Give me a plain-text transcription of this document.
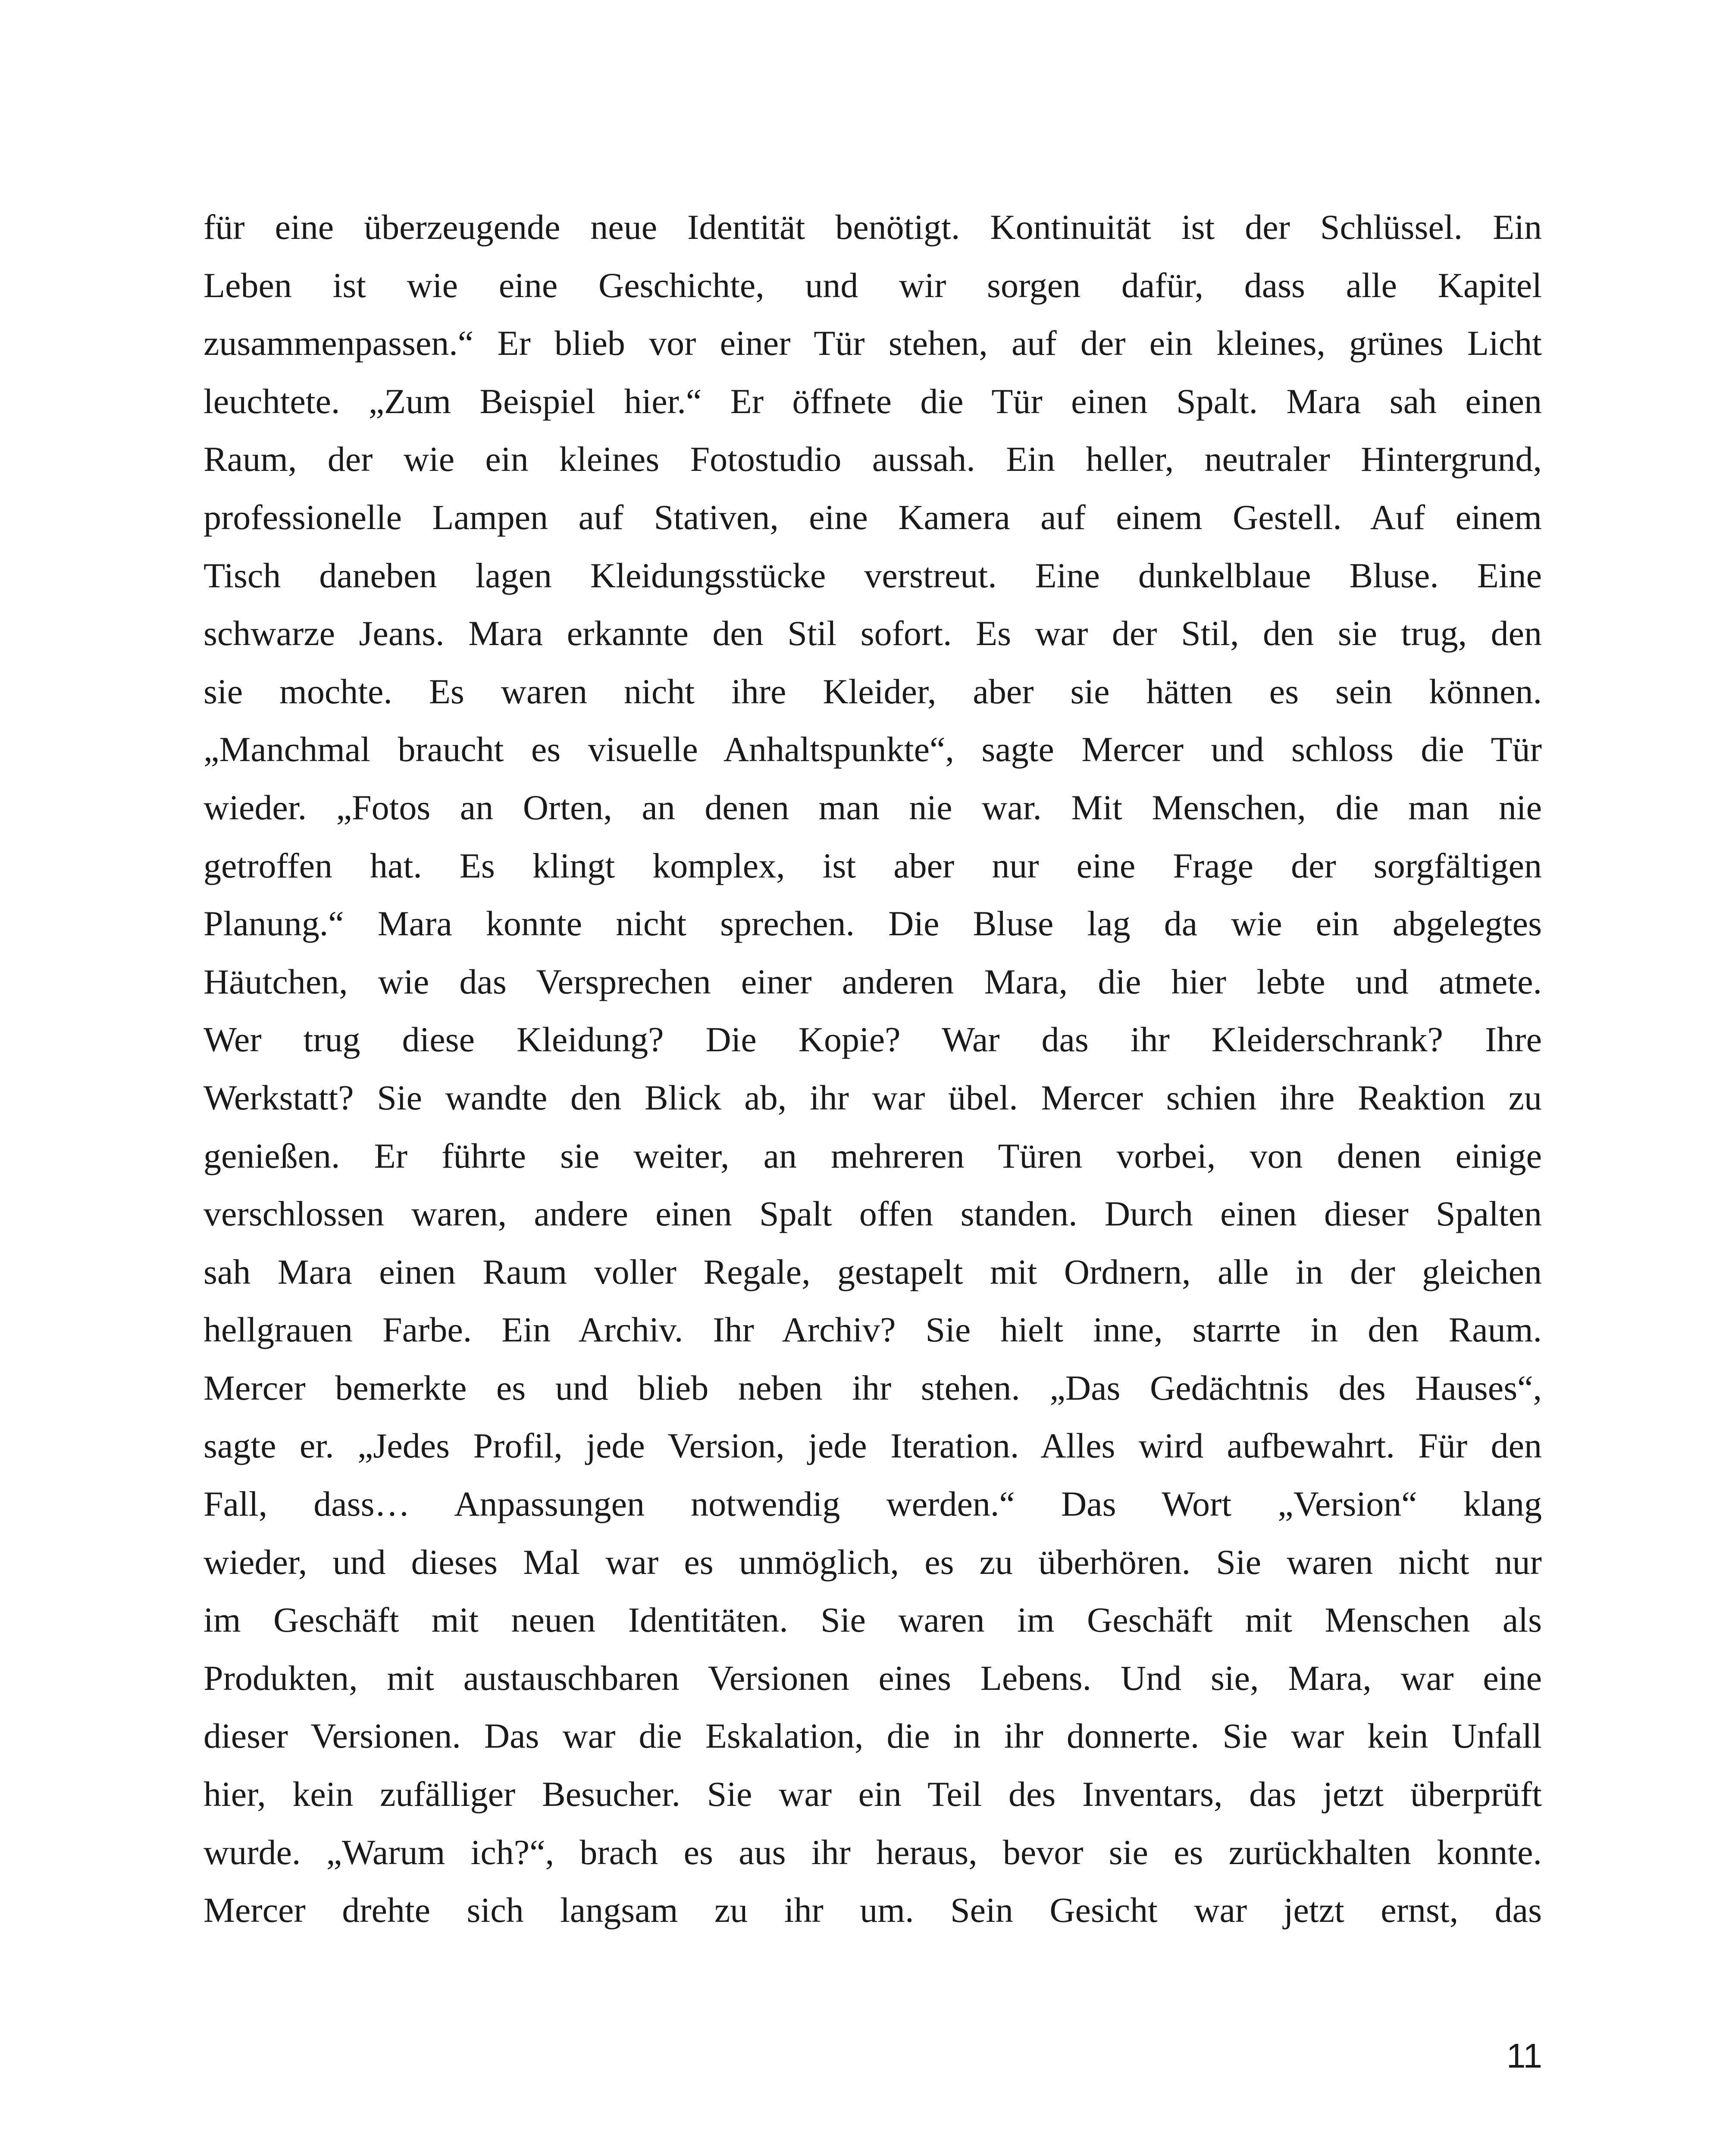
für eine überzeugende neue Identität benötigt. Kontinuität ist der Schlüssel. Ein
Leben ist wie eine Geschichte, und wir sorgen dafür, dass alle Kapitel
zusammenpassen.“ Er blieb vor einer Tür stehen, auf der ein kleines, grünes Licht
leuchtete. „Zum Beispiel hier.“ Er öffnete die Tür einen Spalt. Mara sah einen
Raum, der wie ein kleines Fotostudio aussah. Ein heller, neutraler Hintergrund,
professionelle Lampen auf Stativen, eine Kamera auf einem Gestell. Auf einem
Tisch daneben lagen Kleidungsstücke verstreut. Eine dunkelblaue Bluse. Eine
schwarze Jeans. Mara erkannte den Stil sofort. Es war der Stil, den sie trug, den
sie mochte. Es waren nicht ihre Kleider, aber sie hätten es sein können.
„Manchmal braucht es visuelle Anhaltspunkte“, sagte Mercer und schloss die Tür
wieder. „Fotos an Orten, an denen man nie war. Mit Menschen, die man nie
getroffen hat. Es klingt komplex, ist aber nur eine Frage der sorgfältigen
Planung.“ Mara konnte nicht sprechen. Die Bluse lag da wie ein abgelegtes
Häutchen, wie das Versprechen einer anderen Mara, die hier lebte und atmete.
Wer trug diese Kleidung? Die Kopie? War das ihr Kleiderschrank? Ihre
Werkstatt? Sie wandte den Blick ab, ihr war übel. Mercer schien ihre Reaktion zu
genießen. Er führte sie weiter, an mehreren Türen vorbei, von denen einige
verschlossen waren, andere einen Spalt offen standen. Durch einen dieser Spalten
sah Mara einen Raum voller Regale, gestapelt mit Ordnern, alle in der gleichen
hellgrauen Farbe. Ein Archiv. Ihr Archiv? Sie hielt inne, starrte in den Raum.
Mercer bemerkte es und blieb neben ihr stehen. „Das Gedächtnis des Hauses“,
sagte er. „Jedes Profil, jede Version, jede Iteration. Alles wird aufbewahrt. Für den
Fall, dass… Anpassungen notwendig werden.“ Das Wort „Version“ klang
wieder, und dieses Mal war es unmöglich, es zu überhören. Sie waren nicht nur
im Geschäft mit neuen Identitäten. Sie waren im Geschäft mit Menschen als
Produkten, mit austauschbaren Versionen eines Lebens. Und sie, Mara, war eine
dieser Versionen. Das war die Eskalation, die in ihr donnerte. Sie war kein Unfall
hier, kein zufälliger Besucher. Sie war ein Teil des Inventars, das jetzt überprüft
wurde. „Warum ich?“, brach es aus ihr heraus, bevor sie es zurückhalten konnte.
Mercer drehte sich langsam zu ihr um. Sein Gesicht war jetzt ernst, das
11
